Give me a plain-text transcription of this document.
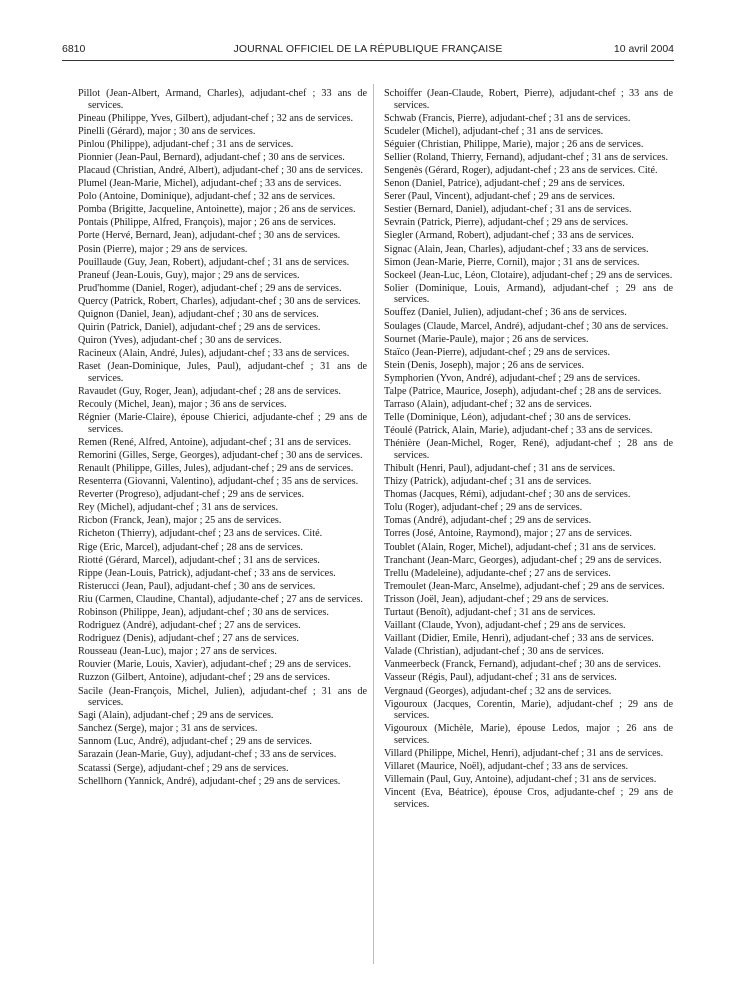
6810	JOURNAL OFFICIEL DE LA RÉPUBLIQUE FRANÇAISE	10 avril 2004

Pillot (Jean-Albert, Armand, Charles), adjudant-chef ; 33 ans de services.

Pineau (Philippe, Yves, Gilbert), adjudant-chef ; 32 ans de services.

Pinelli (Gérard), major ; 30 ans de services.

Pinlou (Philippe), adjudant-chef ; 31 ans de services.

Pionnier (Jean-Paul, Bernard), adjudant-chef ; 30 ans de services.

Placaud (Christian, André, Albert), adjudant-chef ; 30 ans de services.

Plumel (Jean-Marie, Michel), adjudant-chef ; 33 ans de services.

Polo (Antoine, Dominique), adjudant-chef ; 32 ans de services.

Pomba (Brigitte, Jacqueline, Antoinette), major ; 26 ans de services.

Pontais (Philippe, Alfred, François), major ; 26 ans de services.

Porte (Hervé, Bernard, Jean), adjudant-chef ; 30 ans de services.

Posin (Pierre), major ; 29 ans de services.

Pouillaude (Guy, Jean, Robert), adjudant-chef ; 31 ans de services.

Praneuf (Jean-Louis, Guy), major ; 29 ans de services.

Prud'homme (Daniel, Roger), adjudant-chef ; 29 ans de services.

Quercy (Patrick, Robert, Charles), adjudant-chef ; 30 ans de services.

Quignon (Daniel, Jean), adjudant-chef ; 30 ans de services.

Quirin (Patrick, Daniel), adjudant-chef ; 29 ans de services.

Quiron (Yves), adjudant-chef ; 30 ans de services.

Racineux (Alain, André, Jules), adjudant-chef ; 33 ans de services.

Raset (Jean-Dominique, Jules, Paul), adjudant-chef ; 31 ans de services.

Ravaudet (Guy, Roger, Jean), adjudant-chef ; 28 ans de services.

Recouly (Michel, Jean), major ; 36 ans de services.

Régnier (Marie-Claire), épouse Chierici, adjudante-chef ; 29 ans de services.

Remen (René, Alfred, Antoine), adjudant-chef ; 31 ans de services.

Remorini (Gilles, Serge, Georges), adjudant-chef ; 30 ans de services.

Renault (Philippe, Gilles, Jules), adjudant-chef ; 29 ans de services.

Resenterra (Giovanni, Valentino), adjudant-chef ; 35 ans de services.

Reverter (Progreso), adjudant-chef ; 29 ans de services.

Rey (Michel), adjudant-chef ; 31 ans de services.

Ricbon (Franck, Jean), major ; 25 ans de services.

Richeton (Thierry), adjudant-chef ; 23 ans de services. Cité.

Rige (Eric, Marcel), adjudant-chef ; 28 ans de services.

Riotté (Gérard, Marcel), adjudant-chef ; 31 ans de services.

Rippe (Jean-Louis, Patrick), adjudant-chef ; 33 ans de services.

Risterucci (Jean, Paul), adjudant-chef ; 30 ans de services.

Riu (Carmen, Claudine, Chantal), adjudante-chef ; 27 ans de services.

Robinson (Philippe, Jean), adjudant-chef ; 30 ans de services.

Rodriguez (André), adjudant-chef ; 27 ans de services.

Rodriguez (Denis), adjudant-chef ; 27 ans de services.

Rousseau (Jean-Luc), major ; 27 ans de services.

Rouvier (Marie, Louis, Xavier), adjudant-chef ; 29 ans de services.

Ruzzon (Gilbert, Antoine), adjudant-chef ; 29 ans de services.

Sacile (Jean-François, Michel, Julien), adjudant-chef ; 31 ans de services.

Sagi (Alain), adjudant-chef ; 29 ans de services.

Sanchez (Serge), major ; 31 ans de services.

Sannom (Luc, André), adjudant-chef ; 29 ans de services.

Sarazain (Jean-Marie, Guy), adjudant-chef ; 33 ans de services.

Scatassi (Serge), adjudant-chef ; 29 ans de services.

Schellhorn (Yannick, André), adjudant-chef ; 29 ans de services.

Schoiffer (Jean-Claude, Robert, Pierre), adjudant-chef ; 33 ans de services.

Schwab (Francis, Pierre), adjudant-chef ; 31 ans de services.

Scudeler (Michel), adjudant-chef ; 31 ans de services.

Séguier (Christian, Philippe, Marie), major ; 26 ans de services.

Sellier (Roland, Thierry, Fernand), adjudant-chef ; 31 ans de services.

Sengenès (Gérard, Roger), adjudant-chef ; 23 ans de services. Cité.

Senon (Daniel, Patrice), adjudant-chef ; 29 ans de services.

Serer (Paul, Vincent), adjudant-chef ; 29 ans de services.

Sestier (Bernard, Daniel), adjudant-chef ; 31 ans de services.

Sevrain (Patrick, Pierre), adjudant-chef ; 29 ans de services.

Siegler (Armand, Robert), adjudant-chef ; 33 ans de services.

Signac (Alain, Jean, Charles), adjudant-chef ; 33 ans de services.

Simon (Jean-Marie, Pierre, Cornil), major ; 31 ans de services.

Sockeel (Jean-Luc, Léon, Clotaire), adjudant-chef ; 29 ans de services.

Solier (Dominique, Louis, Armand), adjudant-chef ; 29 ans de services.

Souffez (Daniel, Julien), adjudant-chef ; 36 ans de services.

Soulages (Claude, Marcel, André), adjudant-chef ; 30 ans de services.

Sournet (Marie-Paule), major ; 26 ans de services.

Staïco (Jean-Pierre), adjudant-chef ; 29 ans de services.

Stein (Denis, Joseph), major ; 26 ans de services.

Symphorien (Yvon, André), adjudant-chef ; 29 ans de services.

Talpe (Patrice, Maurice, Joseph), adjudant-chef ; 28 ans de services.

Tarraso (Alain), adjudant-chef ; 32 ans de services.

Telle (Dominique, Léon), adjudant-chef ; 30 ans de services.

Téoulé (Patrick, Alain, Marie), adjudant-chef ; 33 ans de services.

Thénière (Jean-Michel, Roger, René), adjudant-chef ; 28 ans de services.

Thibult (Henri, Paul), adjudant-chef ; 31 ans de services.

Thizy (Patrick), adjudant-chef ; 31 ans de services.

Thomas (Jacques, Rémi), adjudant-chef ; 30 ans de services.

Tolu (Roger), adjudant-chef ; 29 ans de services.

Tomas (André), adjudant-chef ; 29 ans de services.

Torres (José, Antoine, Raymond), major ; 27 ans de services.

Toublet (Alain, Roger, Michel), adjudant-chef ; 31 ans de services.

Tranchant (Jean-Marc, Georges), adjudant-chef ; 29 ans de services.

Trellu (Madeleine), adjudante-chef ; 27 ans de services.

Tremoulet (Jean-Marc, Anselme), adjudant-chef ; 29 ans de services.

Trisson (Joël, Jean), adjudant-chef ; 29 ans de services.

Turtaut (Benoît), adjudant-chef ; 31 ans de services.

Vaillant (Claude, Yvon), adjudant-chef ; 29 ans de services.

Vaillant (Didier, Emile, Henri), adjudant-chef ; 33 ans de services.

Valade (Christian), adjudant-chef ; 30 ans de services.

Vanmeerbeck (Franck, Fernand), adjudant-chef ; 30 ans de services.

Vasseur (Régis, Paul), adjudant-chef ; 31 ans de services.

Vergnaud (Georges), adjudant-chef ; 32 ans de services.

Vigouroux (Jacques, Corentin, Marie), adjudant-chef ; 29 ans de services.

Vigouroux (Michèle, Marie), épouse Ledos, major ; 26 ans de services.

Villard (Philippe, Michel, Henri), adjudant-chef ; 31 ans de services.

Villaret (Maurice, Noël), adjudant-chef ; 33 ans de services.

Villemain (Paul, Guy, Antoine), adjudant-chef ; 31 ans de services.

Vincent (Eva, Béatrice), épouse Cros, adjudante-chef ; 29 ans de services.
